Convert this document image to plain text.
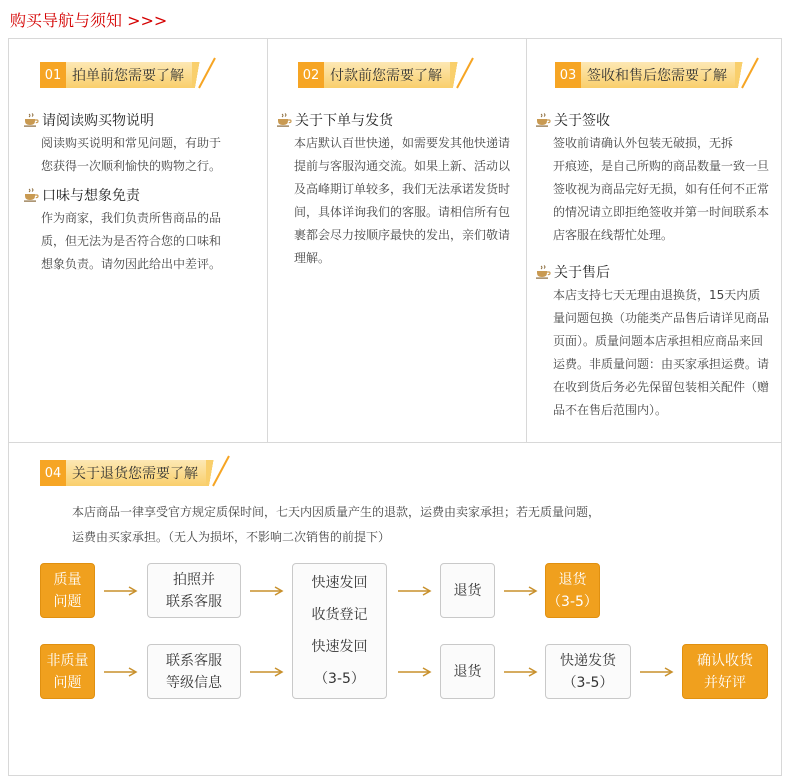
购买导航与须知 >>>
01 拍单前您需要了解
请阅读购买物说明
阅读购买说明和常见问题，有助于
您获得一次顺利愉快的购物之行。
口味与想象免责
作为商家，我们负责所售商品的品
质，但无法为是否符合您的口味和
想象负责。请勿因此给出中差评。
02 付款前您需要了解
关于下单与发货
本店默认百世快递，如需要发其他快递请
提前与客服沟通交流。如果上新、活动以
及高峰期订单较多，我们无法承诺发货时
间，具体详询我们的客服。请相信所有包
裹都会尽力按顺序最快的发出，亲们敬请
理解。
03 签收和售后您需要了解
关于签收
签收前请确认外包装无破损，无拆
开痕迹，是自己所购的商品数量一致一旦
签收视为商品完好无损，如有任何不正常
的情况请立即拒绝签收并第一时间联系本
店客服在线帮忙处理。
关于售后
本店支持七天无理由退换货，15天内质
量问题包换（功能类产品售后请详见商品
页面）。质量问题本店承担相应商品来回
运费。非质量问题：由买家承担运费。请
在收到货后务必先保留包装相关配件（赠
品不在售后范围内）。
04 关于退货您需要了解
本店商品一律享受官方规定质保时间，七天内因质量产生的退款，运费由卖家承担；若无质量问题，
运费由买家承担。（无人为损坏，不影响二次销售的前提下）
质量
问题
拍照并
联系客服
快速发回
收货登记
快速发回
（3-5）
退货
退货
（3-5）
非质量
问题
联系客服
等级信息
退货
快递发货
（3-5）
确认收货
并好评
